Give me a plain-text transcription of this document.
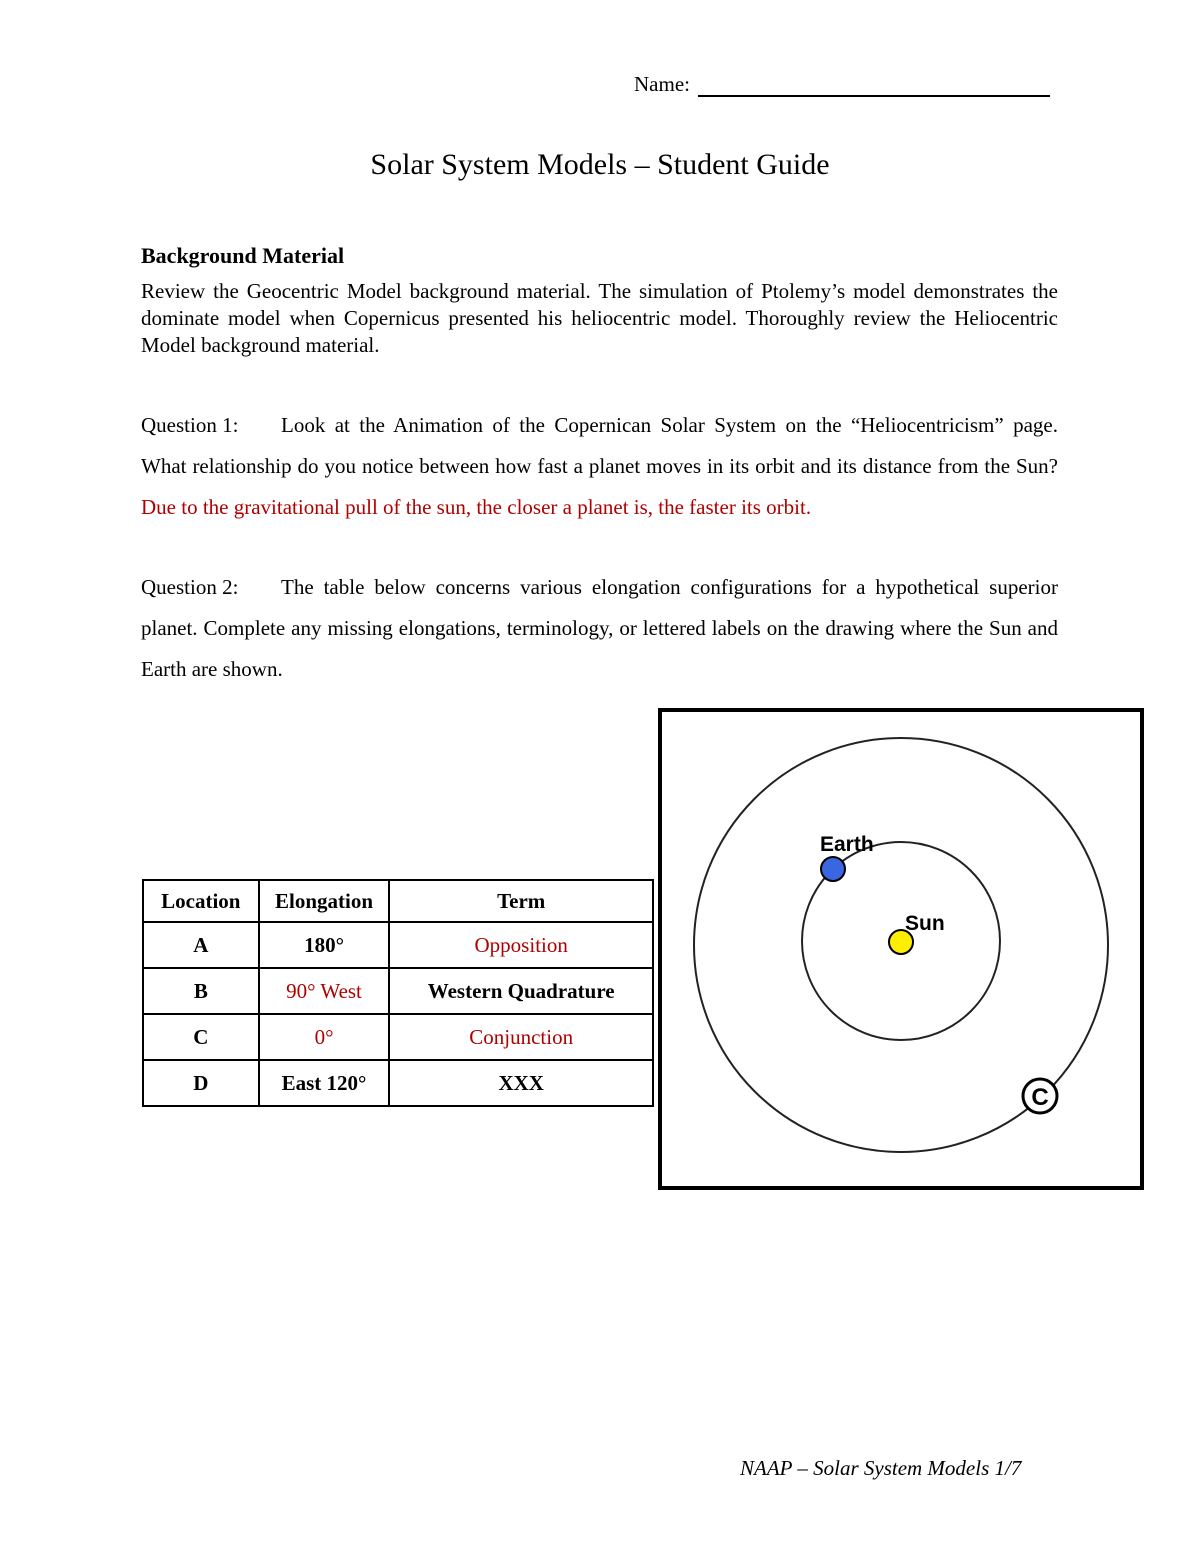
Name:
Solar System Models – Student Guide
Background Material
Review the Geocentric Model background material. The simulation of Ptolemy’s model demonstrates the dominate model when Copernicus presented his heliocentric model. Thoroughly review the Heliocentric Model background material.
Question 1: Look at the Animation of the Copernican Solar System on the “Heliocentricism” page. What relationship do you notice between how fast a planet moves in its orbit and its distance from the Sun? Due to the gravitational pull of the sun, the closer a planet is, the faster its orbit.
Question 2: The table below concerns various elongation configurations for a hypothetical superior planet. Complete any missing elongations, terminology, or lettered labels on the drawing where the Sun and Earth are shown.
Location	Elongation	Term
A	180°	Opposition
B	90° West	Western Quadrature
C	0°	Conjunction
D	East 120°	XXX
Sun
Earth
C
NAAP – Solar System Models 1/7
